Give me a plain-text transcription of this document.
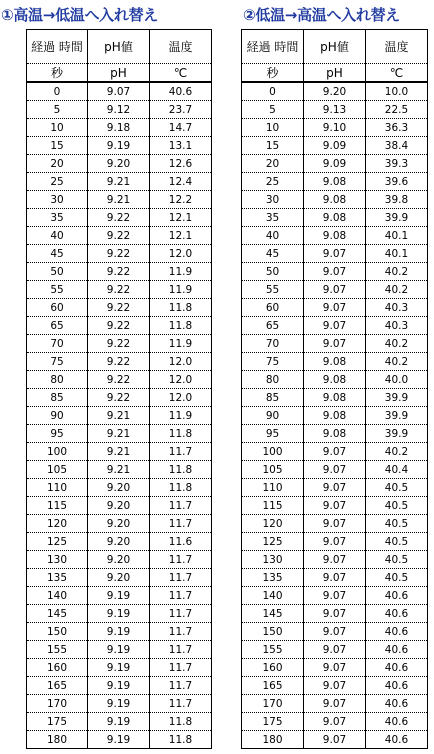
①高温→低温へ入れ替え	②低温→高温へ入れ替え
経過 時間	pH値	温度
秒	pH	℃
0	9.07	40.6
5	9.12	23.7
10	9.18	14.7
15	9.19	13.1
20	9.20	12.6
25	9.21	12.4
30	9.21	12.2
35	9.22	12.1
40	9.22	12.1
45	9.22	12.0
50	9.22	11.9
55	9.22	11.9
60	9.22	11.8
65	9.22	11.8
70	9.22	11.9
75	9.22	12.0
80	9.22	12.0
85	9.22	12.0
90	9.21	11.9
95	9.21	11.8
100	9.21	11.7
105	9.21	11.8
110	9.20	11.8
115	9.20	11.7
120	9.20	11.7
125	9.20	11.6
130	9.20	11.7
135	9.20	11.7
140	9.19	11.7
145	9.19	11.7
150	9.19	11.7
155	9.19	11.7
160	9.19	11.7
165	9.19	11.7
170	9.19	11.7
175	9.19	11.8
180	9.19	11.8
経過 時間	pH値	温度
秒	pH	℃
0	9.20	10.0
5	9.13	22.5
10	9.10	36.3
15	9.09	38.4
20	9.09	39.3
25	9.08	39.6
30	9.08	39.8
35	9.08	39.9
40	9.08	40.1
45	9.07	40.1
50	9.07	40.2
55	9.07	40.2
60	9.07	40.3
65	9.07	40.3
70	9.07	40.2
75	9.08	40.2
80	9.08	40.0
85	9.08	39.9
90	9.08	39.9
95	9.08	39.9
100	9.07	40.2
105	9.07	40.4
110	9.07	40.5
115	9.07	40.5
120	9.07	40.5
125	9.07	40.5
130	9.07	40.5
135	9.07	40.5
140	9.07	40.6
145	9.07	40.6
150	9.07	40.6
155	9.07	40.6
160	9.07	40.6
165	9.07	40.6
170	9.07	40.6
175	9.07	40.6
180	9.07	40.6
